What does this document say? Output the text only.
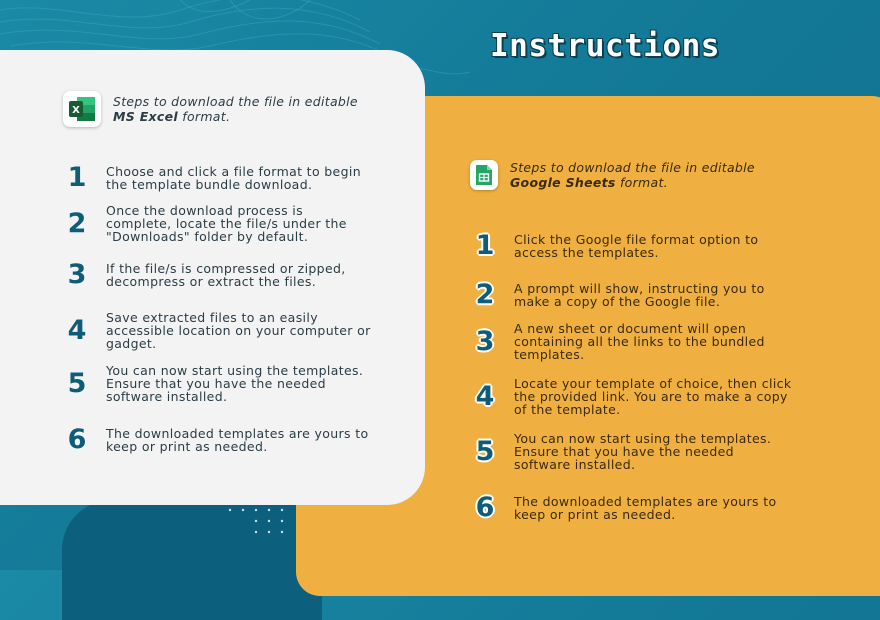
Instructions
X
Steps to download the file in editable
MS Excel format.
1	Choose and click a file format to begin the template bundle download.
2	Once the download process is complete, locate the file/s under the "Downloads" folder by default.
3	If the file/s is compressed or zipped, decompress or extract the files.
4	Save extracted files to an easily accessible location on your computer or gadget.
5	You can now start using the templates. Ensure that you have the needed software installed.
6	The downloaded templates are yours to keep or print as needed.
Steps to download the file in editable
Google Sheets format.
1	Click the Google file format option to access the templates.
2	A prompt will show, instructing you to make a copy of the Google file.
3	A new sheet or document will open containing all the links to the bundled templates.
4	Locate your template of choice, then click the provided link. You are to make a copy of the template.
5	You can now start using the templates. Ensure that you have the needed software installed.
6	The downloaded templates are yours to keep or print as needed.
